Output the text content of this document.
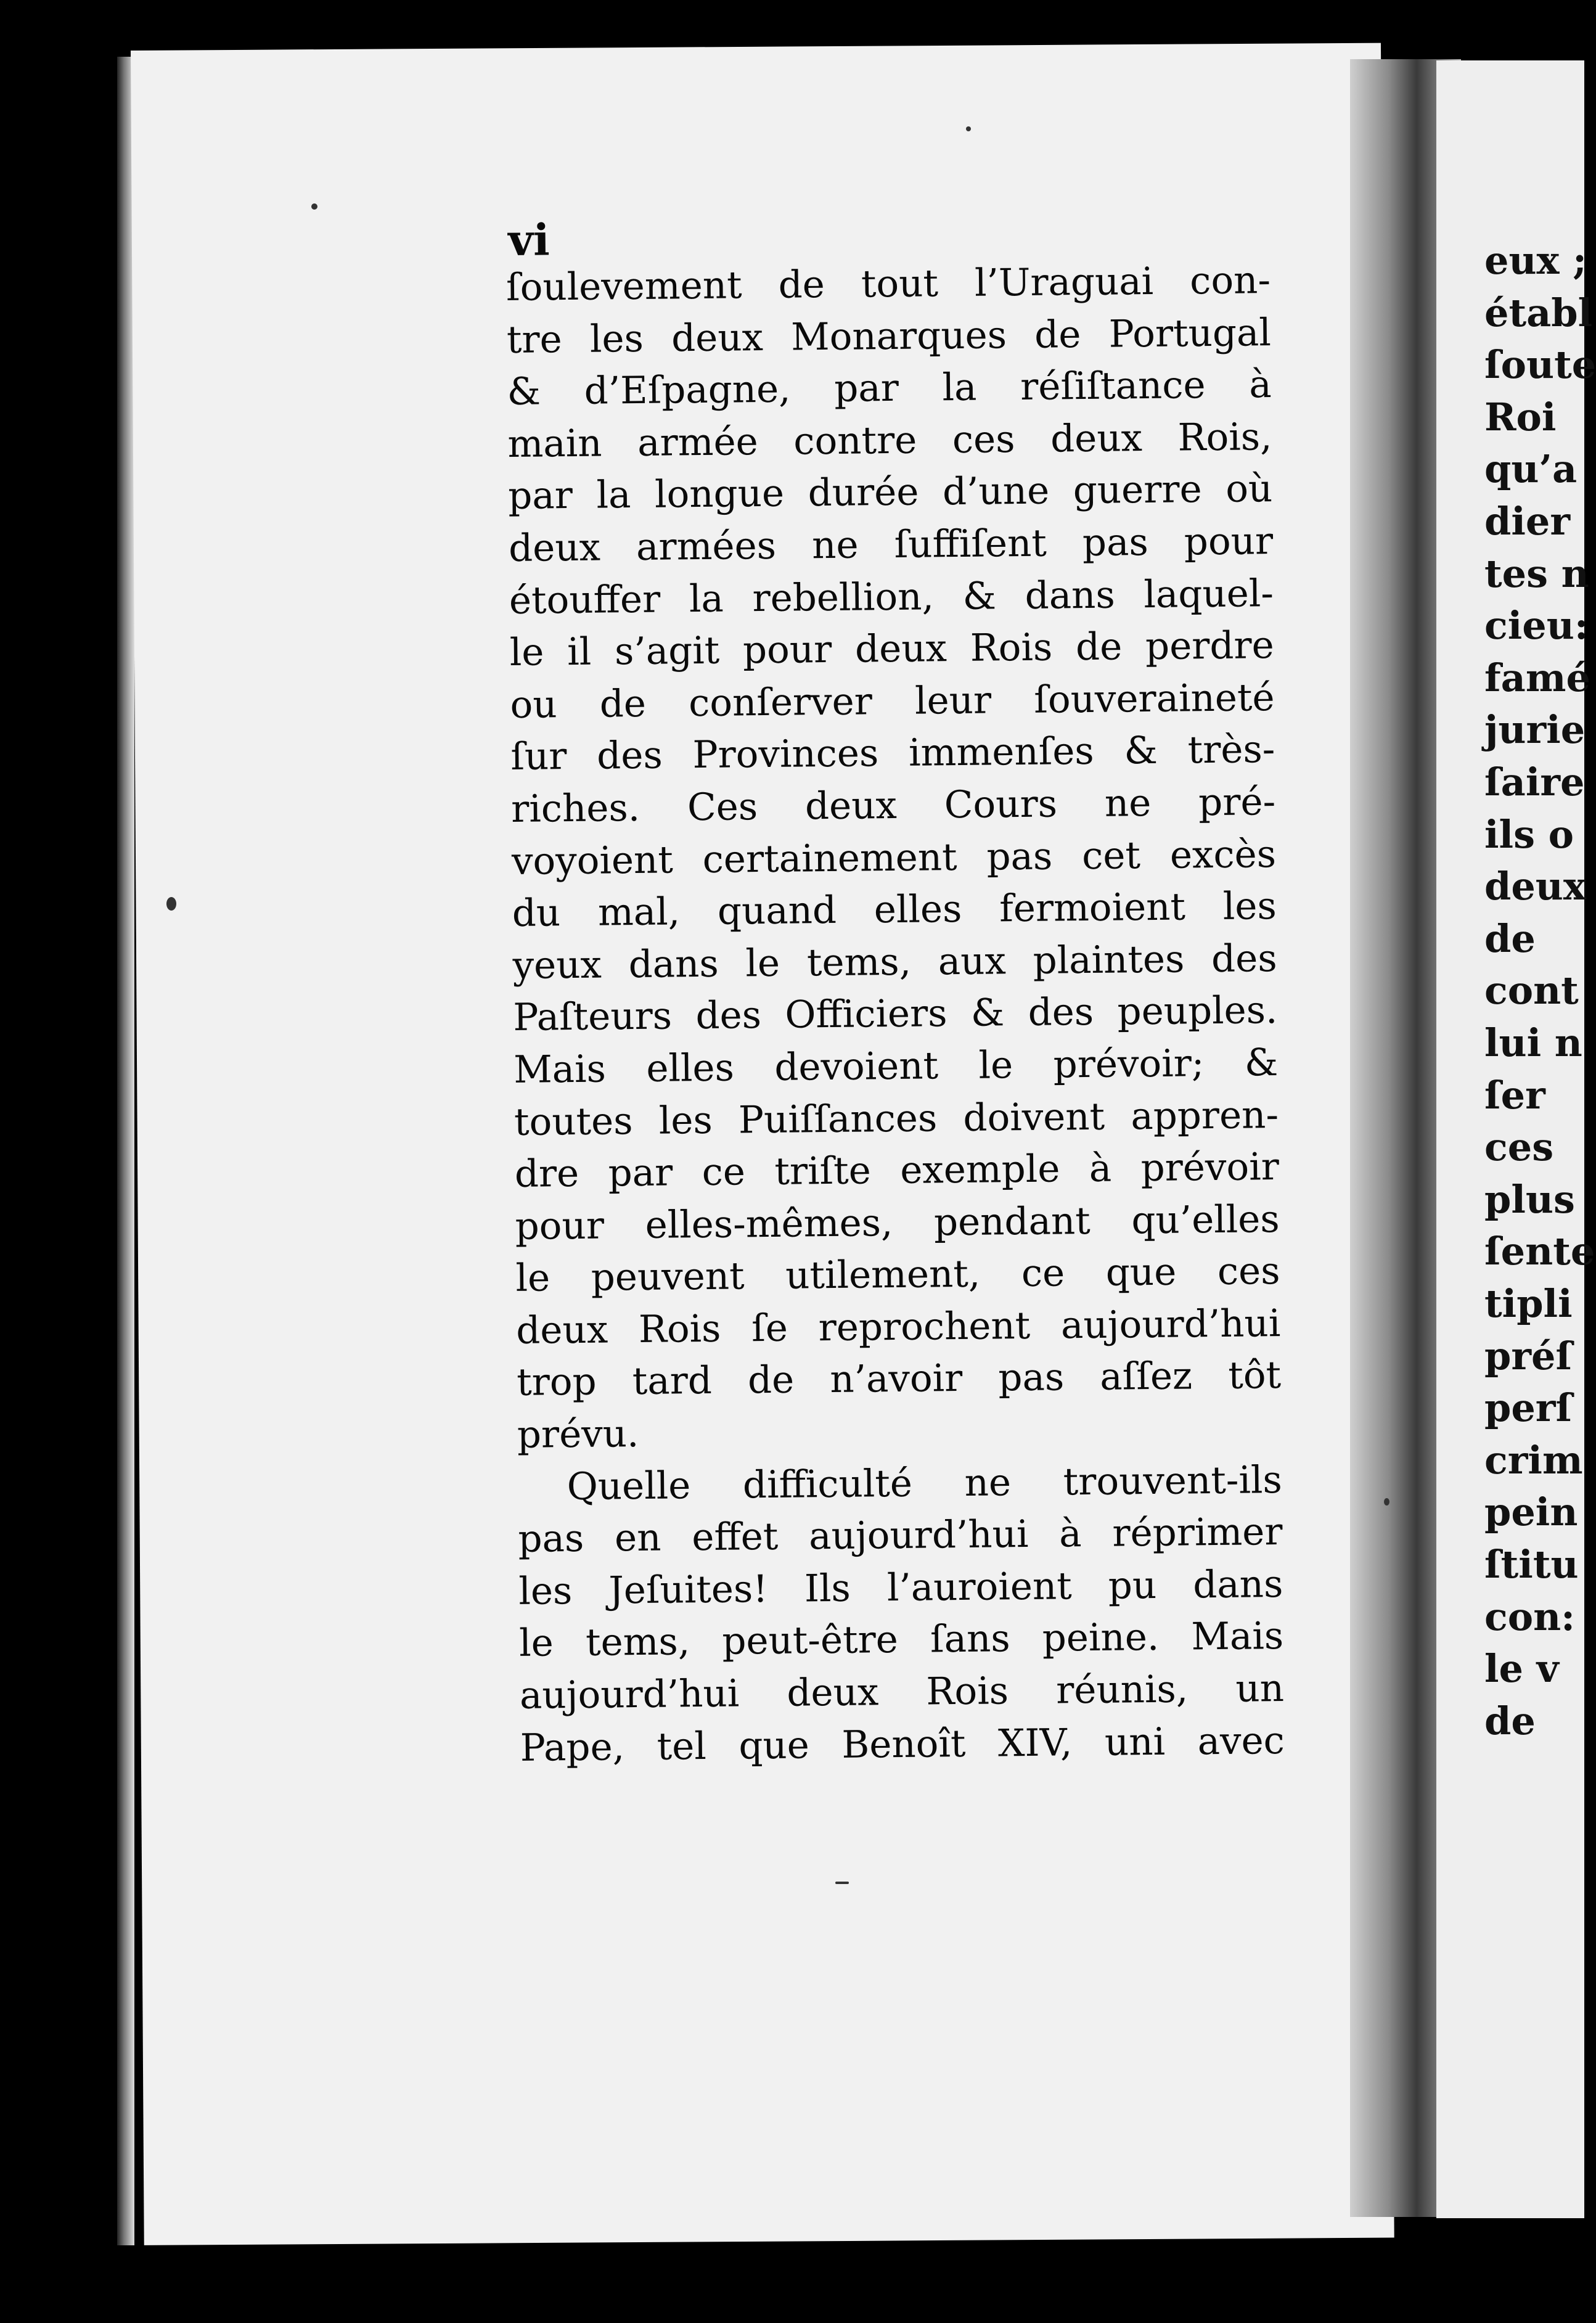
eux ;
établ
ſoute
Roi
qu’a
dier
tes n
cieu:
famé
jurie
ſaire
ils o
deux
de
cont
lui n
ſer
ces
plus
ſente
tipli
préſ
perſ
crim
pein
ſtitu
con:
le v
de
vi
ſoulevement de tout l’Uraguai con-
tre les deux Monarques de Portugal
& d’Eſpagne, par la réſiſtance à
main armée contre ces deux Rois,
par la longue durée d’une guerre où
deux armées ne ſuffiſent pas pour
étouffer la rebellion, & dans laquel-
le il s’agit pour deux Rois de perdre
ou de conſerver leur ſouveraineté
ſur des Provinces immenſes & très-
riches. Ces deux Cours ne pré-
voyoient certainement pas cet excès
du mal, quand elles fermoient les
yeux dans le tems, aux plaintes des
Paſteurs des Officiers & des peuples.
Mais elles devoient le prévoir; &
toutes les Puiſſances doivent appren-
dre par ce triſte exemple à prévoir
pour elles-mêmes, pendant qu’elles
le peuvent utilement, ce que ces
deux Rois ſe reprochent aujourd’hui
trop tard de n’avoir pas aſſez tôt
prévu.
Quelle difficulté ne trouvent-ils
pas en effet aujourd’hui à réprimer
les Jeſuites! Ils l’auroient pu dans
le tems, peut-être ſans peine. Mais
aujourd’hui deux Rois réunis, un
Pape, tel que Benoît XIV, uni avec
